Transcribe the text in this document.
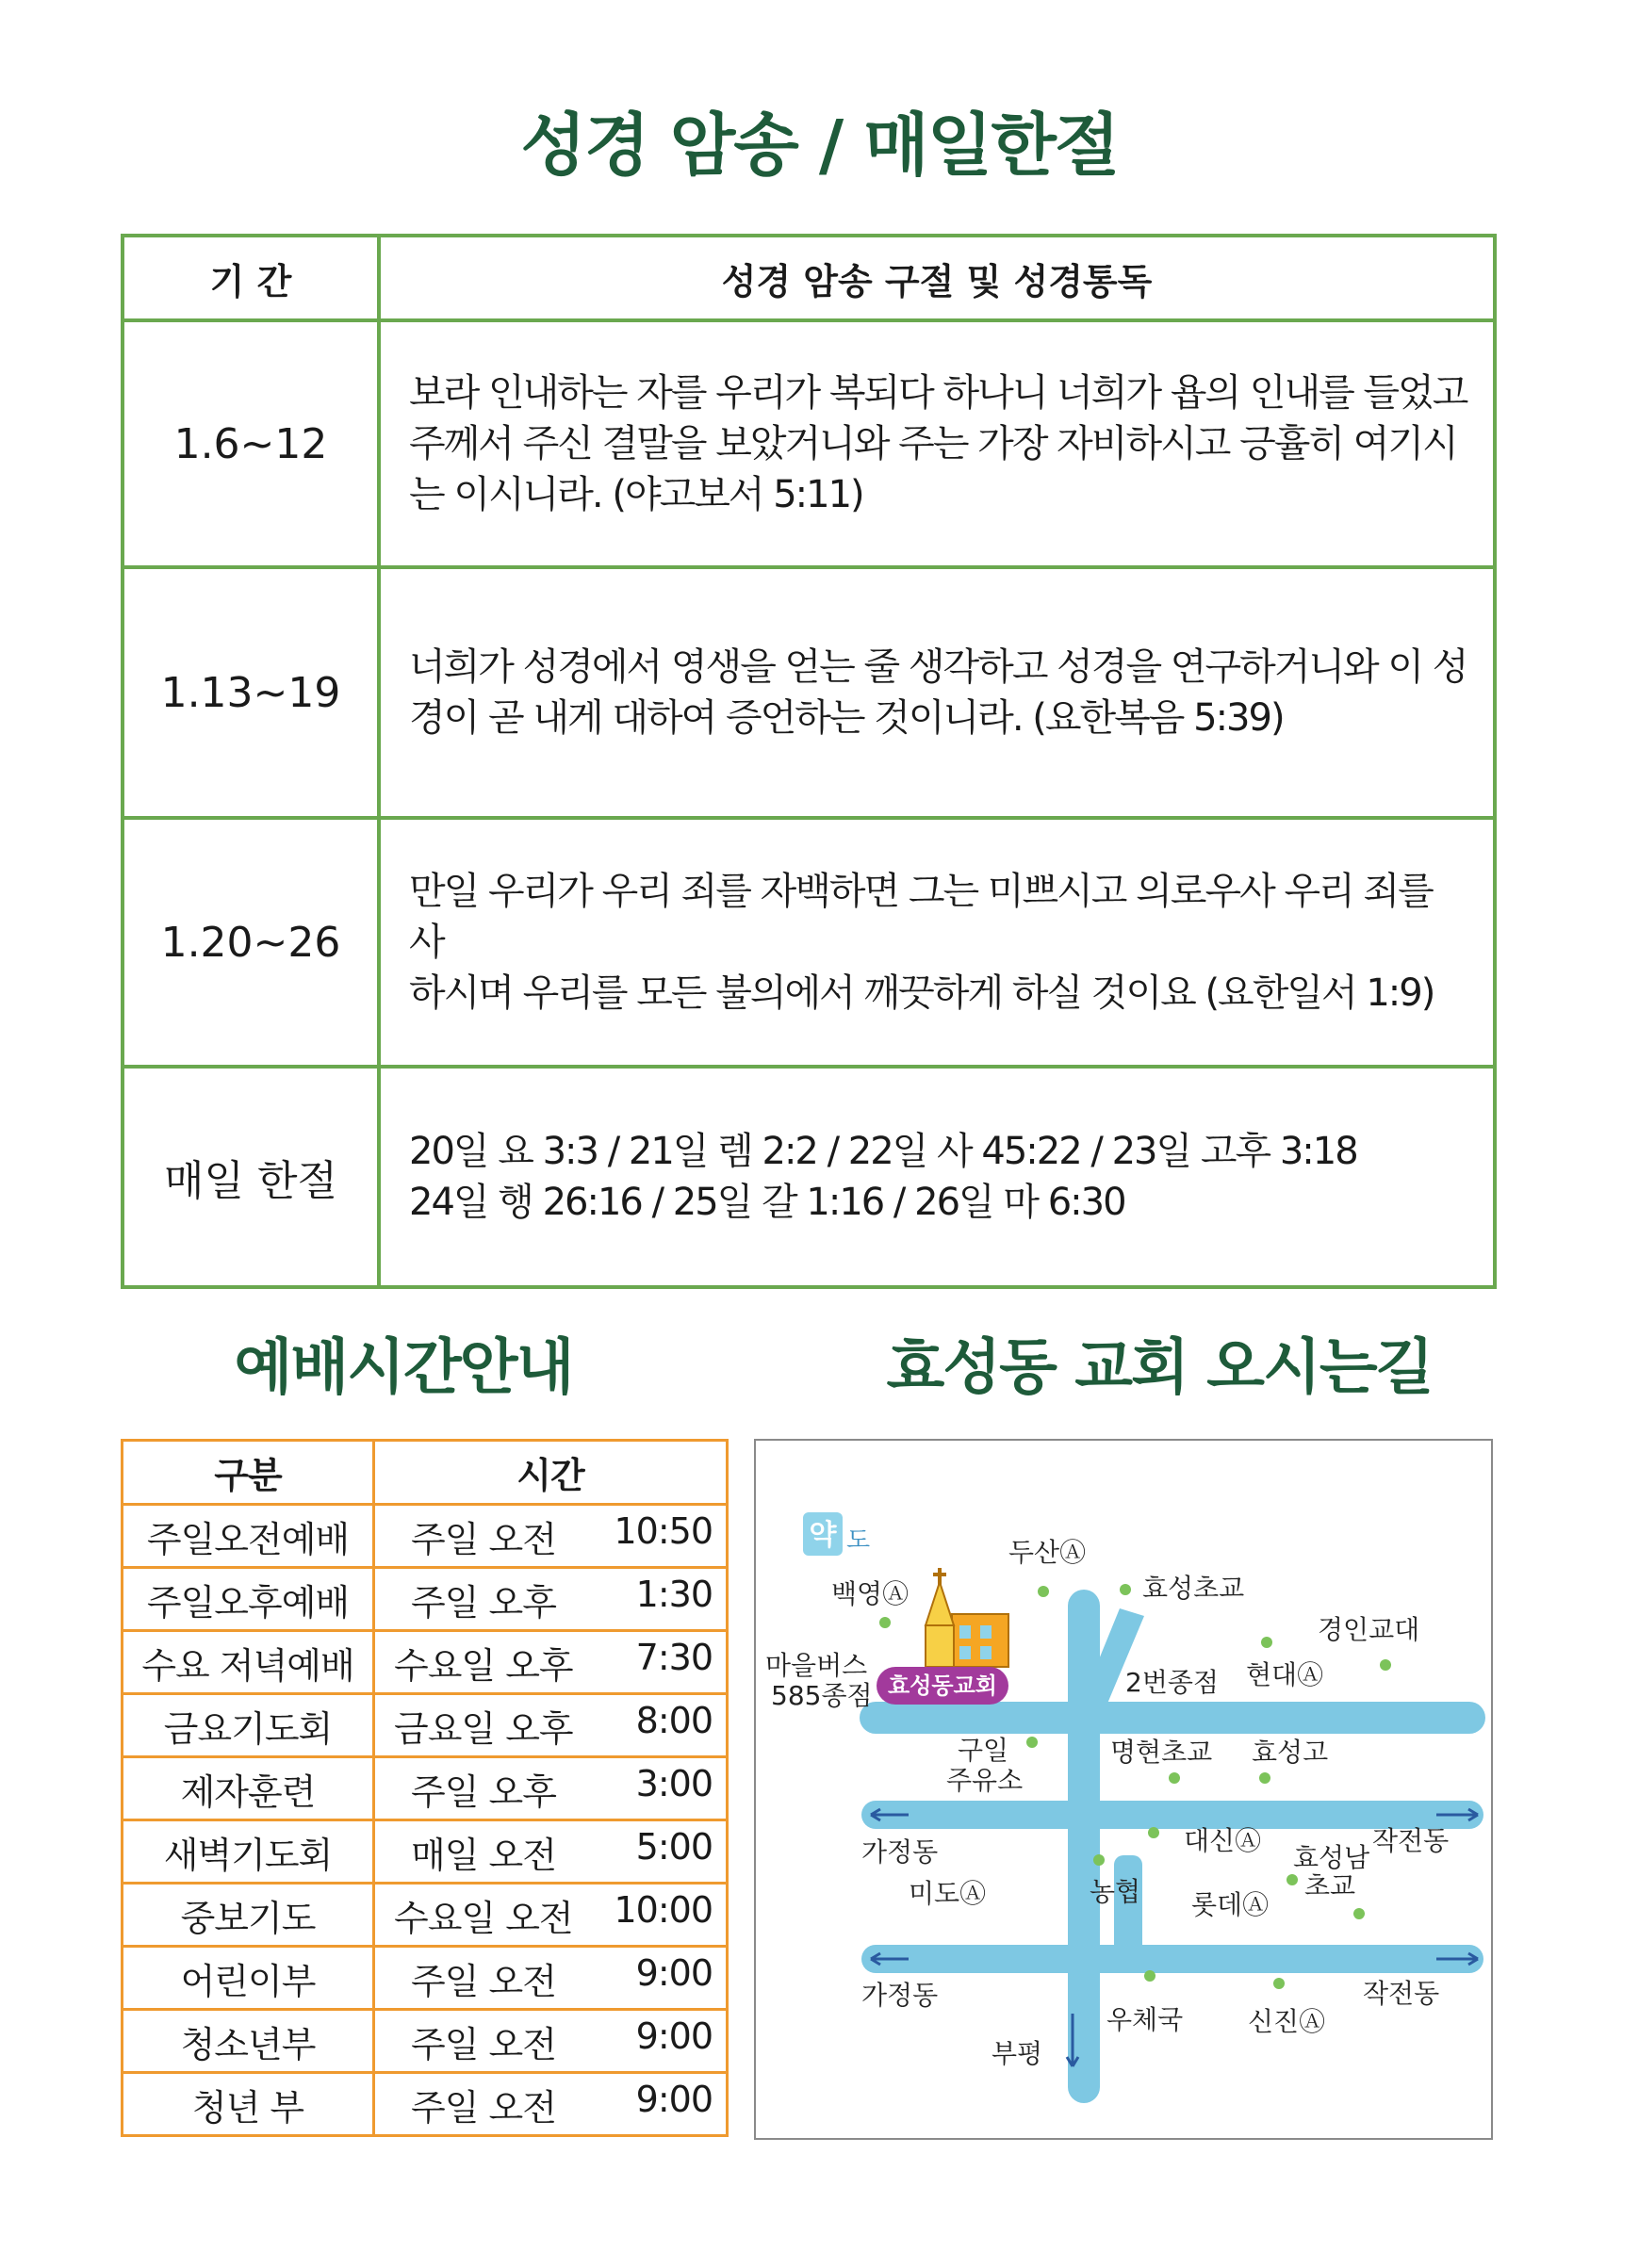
성경 암송 / 매일한절
기 간	성경 암송 구절 및 성경통독
1.6~12	보라 인내하는 자를 우리가 복되다 하나니 너희가 욥의 인내를 들었고
주께서 주신 결말을 보았거니와 주는 가장 자비하시고 긍휼히 여기시
는 이시니라. (야고보서 5:11)

1.13~19	너희가 성경에서 영생을 얻는 줄 생각하고 성경을 연구하거니와 이 성
경이 곧 내게 대하여 증언하는 것이니라. (요한복음 5:39)

1.20~26	만일 우리가 우리 죄를 자백하면 그는 미쁘시고 의로우사 우리 죄를 사
하시며 우리를 모든 불의에서 깨끗하게 하실 것이요 (요한일서 1:9)

매일 한절	20일 요 3:3 / 21일 렘 2:2 / 22일 사 45:22 / 23일 고후 3:18
24일 행 26:16 / 25일 갈 1:16 / 26일 마 6:30
예배시간안내	효성동 교회 오시는길
구분	시간
주일오전예배	주일 오전 10:50

주일오후예배	주일 오후 1:30

수요 저녁예배	수요일 오후 7:30

금요기도회	금요일 오후 8:00

제자훈련	주일 오후 3:00

새벽기도회	매일 오전 5:00

중보기도	수요일 오전 10:00

어린이부	주일 오전 9:00

청소년부	주일 오전 9:00

청년 부	주일 오전 9:00
약 도
효성동교회
두산Ⓐ
효성초교
백영Ⓐ
경인교대
마을버스
585종점	2번종점 현대Ⓐ
구일
주유소
명현초교 효성고
가정동	대신Ⓐ	작전동
효성남
초교
미도Ⓐ	농협 롯데Ⓐ
가정동	작전동
우체국 신진Ⓐ
부평
